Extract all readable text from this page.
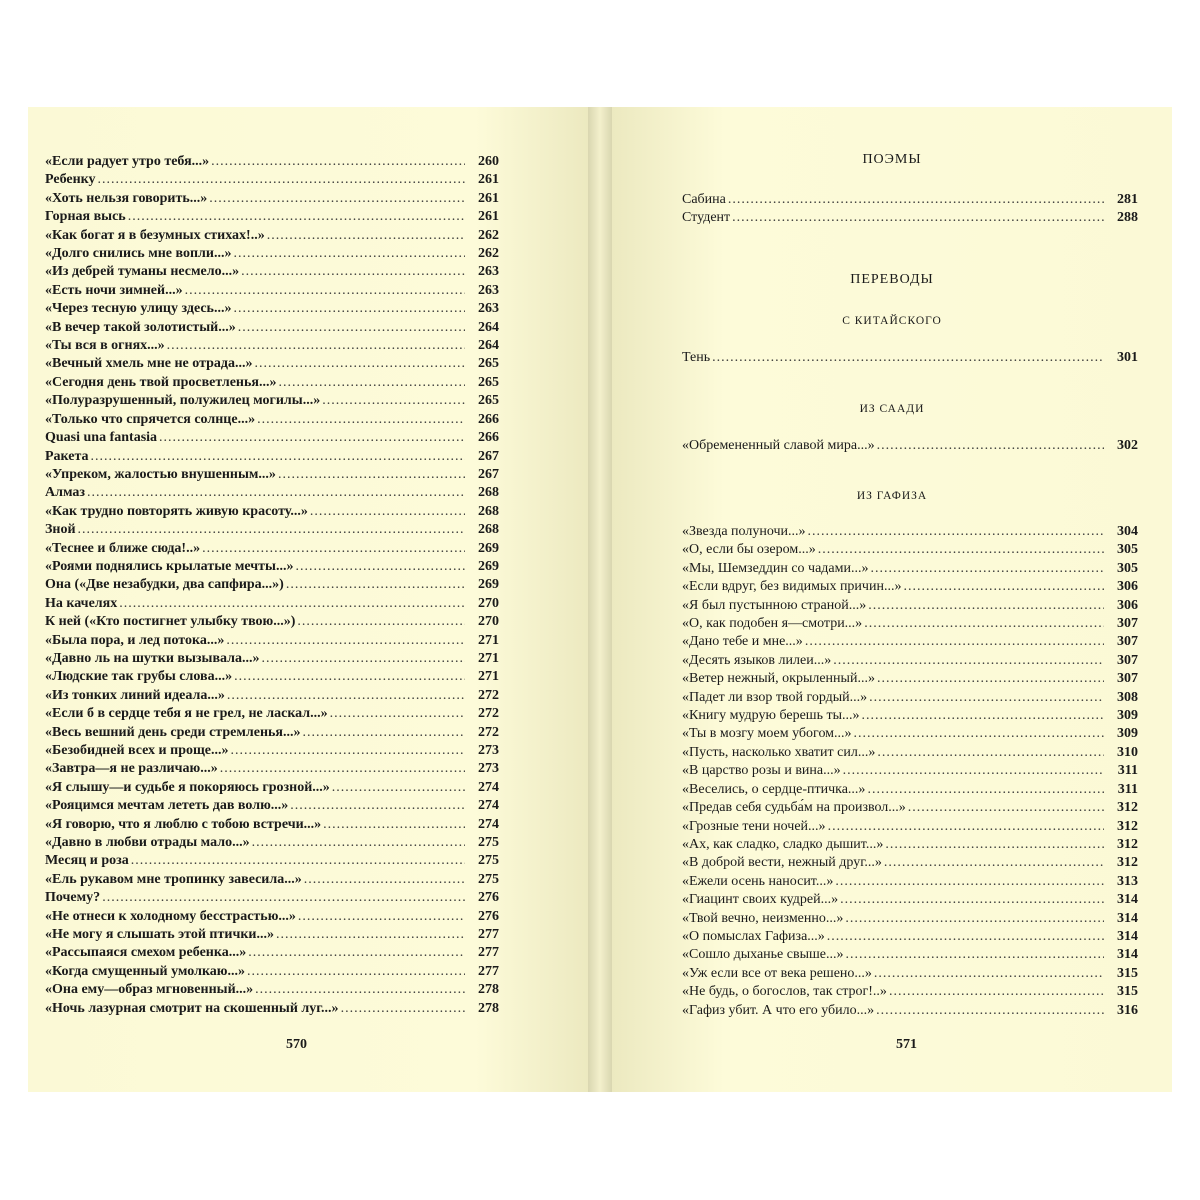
«Если радует утро тебя...» .....	260
Ребенку .....	261
«Хоть нельзя говорить...» .....	261
Горная высь .....	261
«Как богат я в безумных стихах!..» .....	262
«Долго снились мне вопли...» .....	262
«Из дебрей туманы несмело...» .....	263
«Есть ночи зимней...» .....	263
«Через тесную улицу здесь...» .....	263
«В вечер такой золотистый...» .....	264
«Ты вся в огнях...» .....	264
«Вечный хмель мне не отрада...» .....	265
«Сегодня день твой просветленья...» .....	265
«Полуразрушенный, полужилец могилы...» .....	265
«Только что спрячется солнце...» .....	266
Quasi una fantasia .....	266
Ракета .....	267
«Упреком, жалостью внушенным...» .....	267
Алмаз .....	268
«Как трудно повторять живую красоту...» .....	268
Зной .....	268
«Теснее и ближе сюда!..» .....	269
«Роями поднялись крылатые мечты...» .....	269
Она («Две незабудки, два сапфира...») .....	269
На качелях .....	270
К ней («Кто постигнет улыбку твою...») .....	270
«Была пора, и лед потока...» .....	271
«Давно ль на шутки вызывала...» .....	271
«Людские так грубы слова...» .....	271
«Из тонких линий идеала...» .....	272
«Если б в сердце тебя я не грел, не ласкал...» .....	272
«Весь вешний день среди стремленья...» .....	272
«Безобидней всех и проще...» .....	273
«Завтра—я не различаю...» .....	273
«Я слышу—и судьбе я покоряюсь грозной...» .....	274
«Рояцимся мечтам лететь дав волю...» .....	274
«Я говорю, что я люблю с тобою встречи...» .....	274
«Давно в любви отрады мало...» .....	275
Месяц и роза .....	275
«Ель рукавом мне тропинку завесила...» .....	275
Почему? .....	276
«Не отнеси к холодному бесстрастью...» .....	276
«Не могу я слышать этой птички...» .....	277
«Рассыпаяся смехом ребенка...» .....	277
«Когда смущенный умолкаю...» .....	277
«Она ему—образ мгновенный...» .....	278
«Ночь лазурная смотрит на скошенный луг...» .....	278
570
ПОЭМЫ
Сабина .....	281
Студент .....	288
ПЕРЕВОДЫ
С КИТАЙСКОГО
Тень .....	301
ИЗ СААДИ
«Обремененный славой мира...» .....	302
ИЗ ГАФИЗА
«Звезда полуночи...» .....	304
«О, если бы озером...» .....	305
«Мы, Шемзеддин со чадами...» .....	305
«Если вдруг, без видимых причин...» .....	306
«Я был пустынною страной...» .....	306
«О, как подобен я—смотри...» .....	307
«Дано тебе и мне...» .....	307
«Десять языков лилеи...» .....	307
«Ветер нежный, окрыленный...» .....	307
«Падет ли взор твой гордый...» .....	308
«Книгу мудрую берешь ты...» .....	309
«Ты в мозгу моем убогом...» .....	309
«Пусть, насколько хватит сил...» .....	310
«В царство розы и вина...» .....	311
«Веселись, о сердце-птичка...» .....	311
«Предав себя судьба́м на произвол...» .....	312
«Грозные тени ночей...» .....	312
«Ах, как сладко, сладко дышит...» .....	312
«В доброй вести, нежный друг...» .....	312
«Ежели осень наносит...» .....	313
«Гиацинт своих кудрей...» .....	314
«Твой вечно, неизменно...» .....	314
«О помыслах Гафиза...» .....	314
«Сошло дыханье свыше...» .....	314
«Уж если все от века решено...» .....	315
«Не будь, о богослов, так строг!..» .....	315
«Гафиз убит. А что его убило...» .....	316
571
